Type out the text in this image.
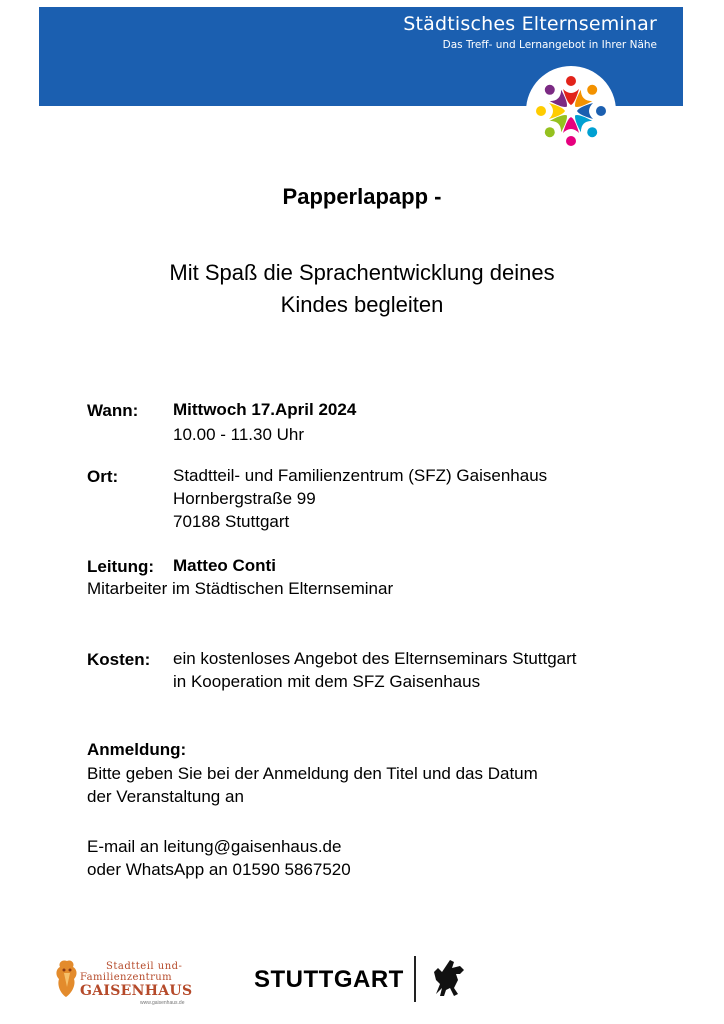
Städtisches Elternseminar
Das Treff- und Lernangebot in Ihrer Nähe
Papperlapapp -
Mit Spaß die Sprachentwicklung deines
Kindes begleiten
Wann: Mittwoch 17.April 2024
10.00 - 11.30 Uhr
Ort:	Stadtteil- und Familienzentrum (SFZ) Gaisenhaus
Hornbergstraße 99
70188 Stuttgart
Leitung: Matteo Conti
Mitarbeiter im Städtischen Elternseminar
Kosten: ein kostenloses Angebot des Elternseminars Stuttgart
in Kooperation mit dem SFZ Gaisenhaus
Anmeldung:
Bitte geben Sie bei der Anmeldung den Titel und das Datum
der Veranstaltung an
E-mail an leitung@gaisenhaus.de
oder WhatsApp an 01590 5867520
Stadtteil und-
Familienzentrum
GAISENHAUS
www.gaisenhaus.de
STUTTGART
